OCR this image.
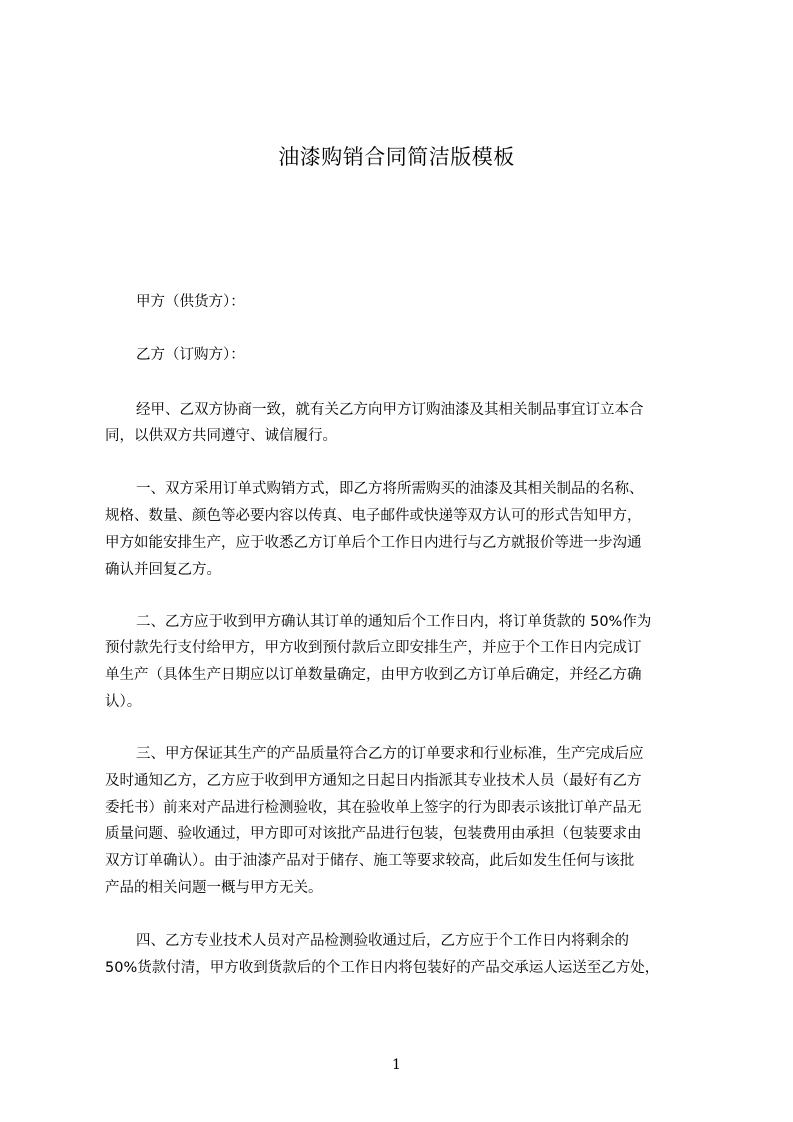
油漆购销合同简洁版模板
甲方（供货方）：
乙方（订购方）：
经甲、乙双方协商一致，就有关乙方向甲方订购油漆及其相关制品事宜订立本合
同，以供双方共同遵守、诚信履行。
一、双方采用订单式购销方式，即乙方将所需购买的油漆及其相关制品的名称、
规格、数量、颜色等必要内容以传真、电子邮件或快递等双方认可的形式告知甲方，
甲方如能安排生产，应于收悉乙方订单后个工作日内进行与乙方就报价等进一步沟通
确认并回复乙方。
二、乙方应于收到甲方确认其订单的通知后个工作日内，将订单货款的 50%作为
预付款先行支付给甲方，甲方收到预付款后立即安排生产，并应于个工作日内完成订
单生产（具体生产日期应以订单数量确定，由甲方收到乙方订单后确定，并经乙方确
认）。
三、甲方保证其生产的产品质量符合乙方的订单要求和行业标准，生产完成后应
及时通知乙方，乙方应于收到甲方通知之日起日内指派其专业技术人员（最好有乙方
委托书）前来对产品进行检测验收，其在验收单上签字的行为即表示该批订单产品无
质量问题、验收通过，甲方即可对该批产品进行包装，包装费用由承担（包装要求由
双方订单确认）。由于油漆产品对于储存、施工等要求较高，此后如发生任何与该批
产品的相关问题一概与甲方无关。
四、乙方专业技术人员对产品检测验收通过后，乙方应于个工作日内将剩余的
50%货款付清，甲方收到货款后的个工作日内将包装好的产品交承运人运送至乙方处，
1
